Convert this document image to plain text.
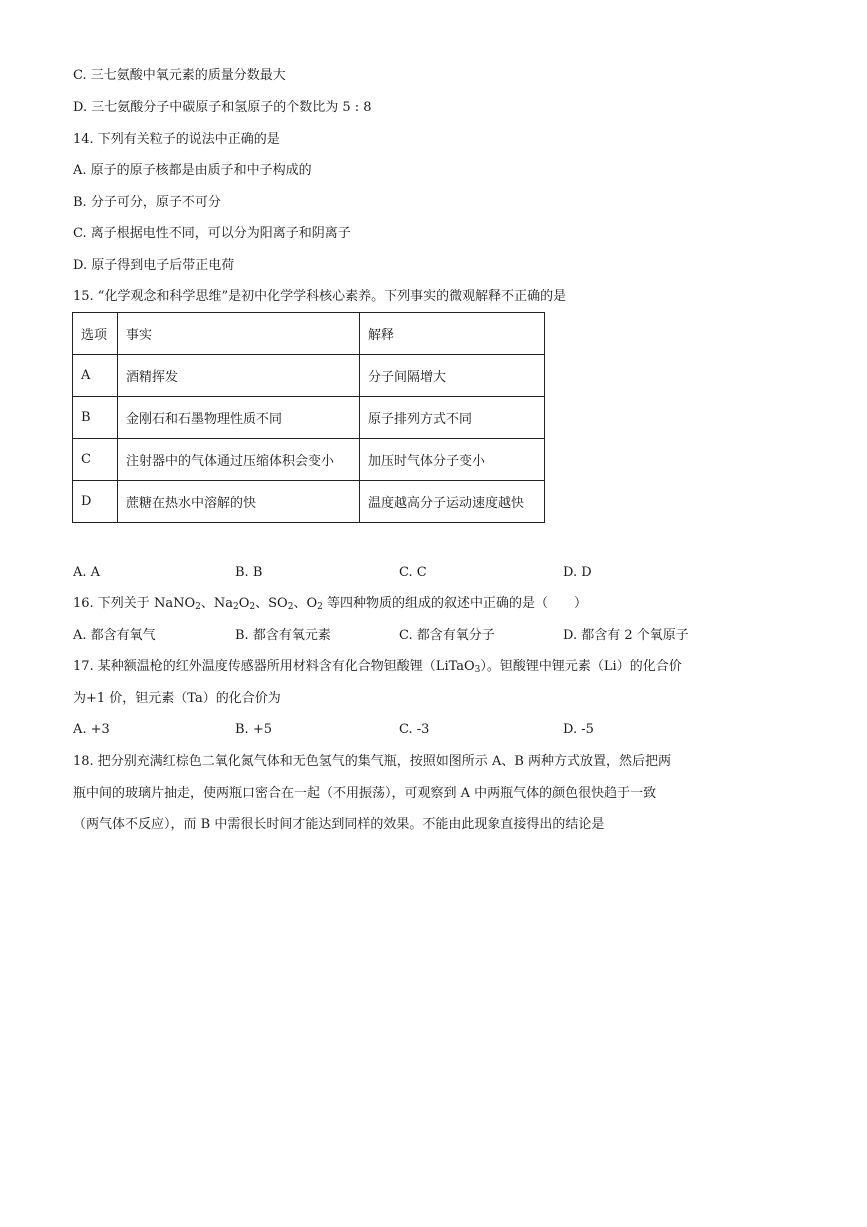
C. 三七氨酸中氧元素的质量分数最大
D. 三七氨酸分子中碳原子和氢原子的个数比为 5 : 8
14. 下列有关粒子的说法中正确的是
A. 原子的原子核都是由质子和中子构成的
B. 分子可分，原子不可分
C. 离子根据电性不同，可以分为阳离子和阴离子
D. 原子得到电子后带正电荷
15. “化学观念和科学思维”是初中化学学科核心素养。下列事实的微观解释不正确的是
选项	事实	解释
A	酒精挥发	分子间隔增大
B	金刚石和石墨物理性质不同	原子排列方式不同
C	注射器中的气体通过压缩体积会变小	加压时气体分子变小
D	蔗糖在热水中溶解的快	温度越高分子运动速度越快
A. A	B. B	C. C	D. D
16. 下列关于 NaNO$_2$、$Na_2O_2$、$SO_2$、$O_2$ 等四种物质的组成的叙述中正确的是（　　）
A. 都含有氧气	B. 都含有氧元素	C. 都含有氧分子	D. 都含有 2 个氧原子
17. 某种额温枪的红外温度传感器所用材料含有化合物钽酸锂（LiTaO$_3$）。钽酸锂中锂元素（Li）的化合价
为+1 价，钽元素（Ta）的化合价为
A. +3	B. +5	C. -3	D. -5
18. 把分别充满红棕色二氧化氮气体和无色氢气的集气瓶，按照如图所示 A、B 两种方式放置，然后把两
瓶中间的玻璃片抽走，使两瓶口密合在一起（不用振荡），可观察到 A 中两瓶气体的颜色很快趋于一致
（两气体不反应），而 B 中需很长时间才能达到同样的效果。不能由此现象直接得出的结论是
